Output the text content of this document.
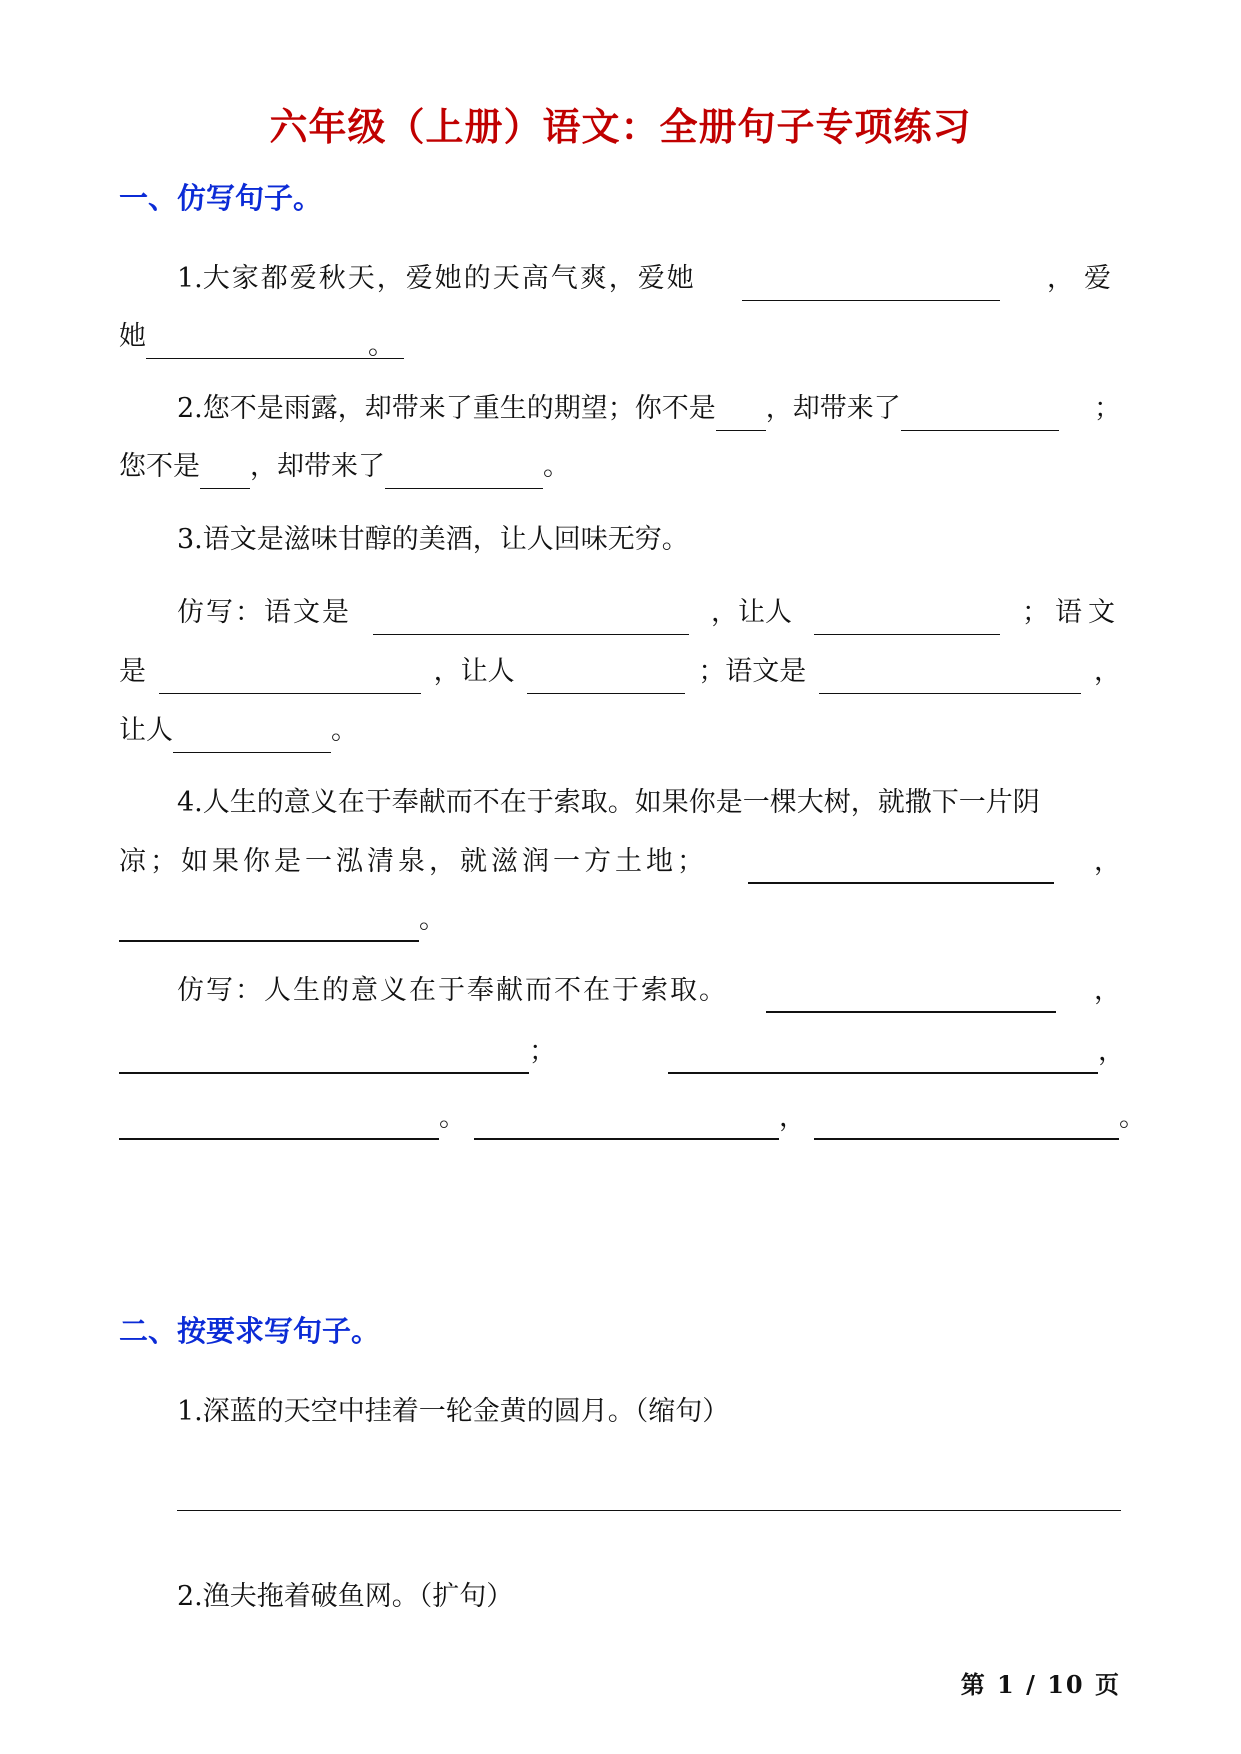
六年级（上册）语文：全册句子专项练习
一、仿写句子。
1.大家都爱秋天，爱她的天高气爽，爱她	，爱
她	。
2.您不是雨露，却带来了重生的期望；你不是 ，却带来了	；
您不是 ，却带来了	。
3.语文是滋味甘醇的美酒，让人回味无穷。
仿写：语文是	，让人	；语文
是	，让人	；语文是	，
让人	。
4.人生的意义在于奉献而不在于索取。如果你是一棵大树，就撒下一片阴
凉；如果你是一泓清泉，就滋润一方土地；	，
。
仿写：人生的意义在于奉献而不在于索取。	，
；	，
。	，	。
二、按要求写句子。
1.深蓝的天空中挂着一轮金黄的圆月。（缩句）
2.渔夫拖着破鱼网。（扩句）
第 1 / 10 页
